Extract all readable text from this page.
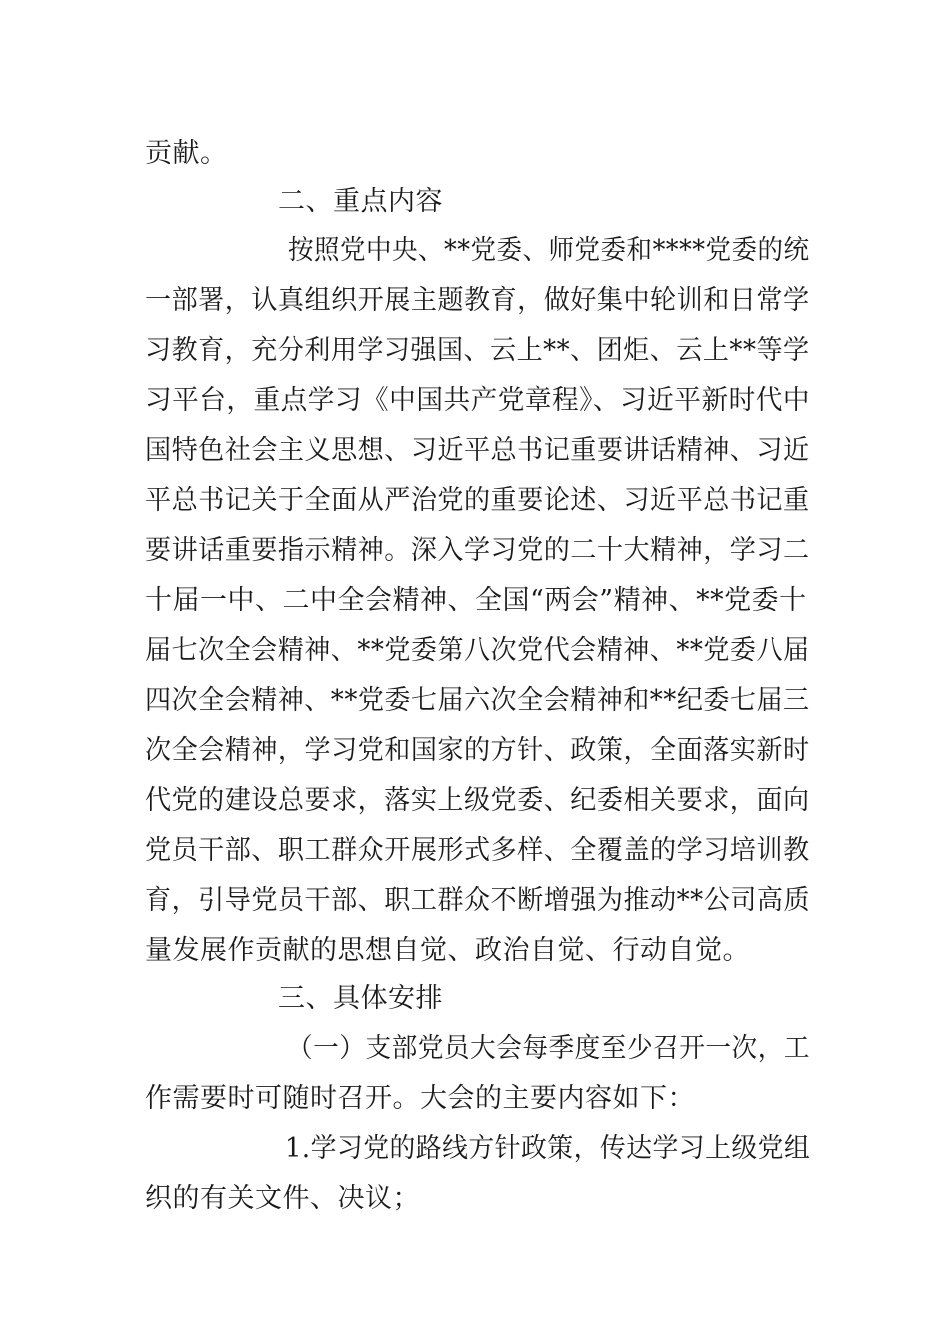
贡献。
二、重点内容
按照党中央、**党委、师党委和****党委的统
一部署，认真组织开展主题教育，做好集中轮训和日常学
习教育，充分利用学习强国、云上**、团炬、云上**等学
习平台，重点学习《中国共产党章程》、习近平新时代中
国特色社会主义思想、习近平总书记重要讲话精神、习近
平总书记关于全面从严治党的重要论述、习近平总书记重
要讲话重要指示精神。深入学习党的二十大精神，学习二
十届一中、二中全会精神、全国“两会”精神、**党委十
届七次全会精神、**党委第八次党代会精神、**党委八届
四次全会精神、**党委七届六次全会精神和**纪委七届三
次全会精神，学习党和国家的方针、政策，全面落实新时
代党的建设总要求，落实上级党委、纪委相关要求，面向
党员干部、职工群众开展形式多样、全覆盖的学习培训教
育，引导党员干部、职工群众不断增强为推动**公司高质
量发展作贡献的思想自觉、政治自觉、行动自觉。
三、具体安排
（一）支部党员大会每季度至少召开一次，工
作需要时可随时召开。大会的主要内容如下：
1.学习党的路线方针政策，传达学习上级党组
织的有关文件、决议；
